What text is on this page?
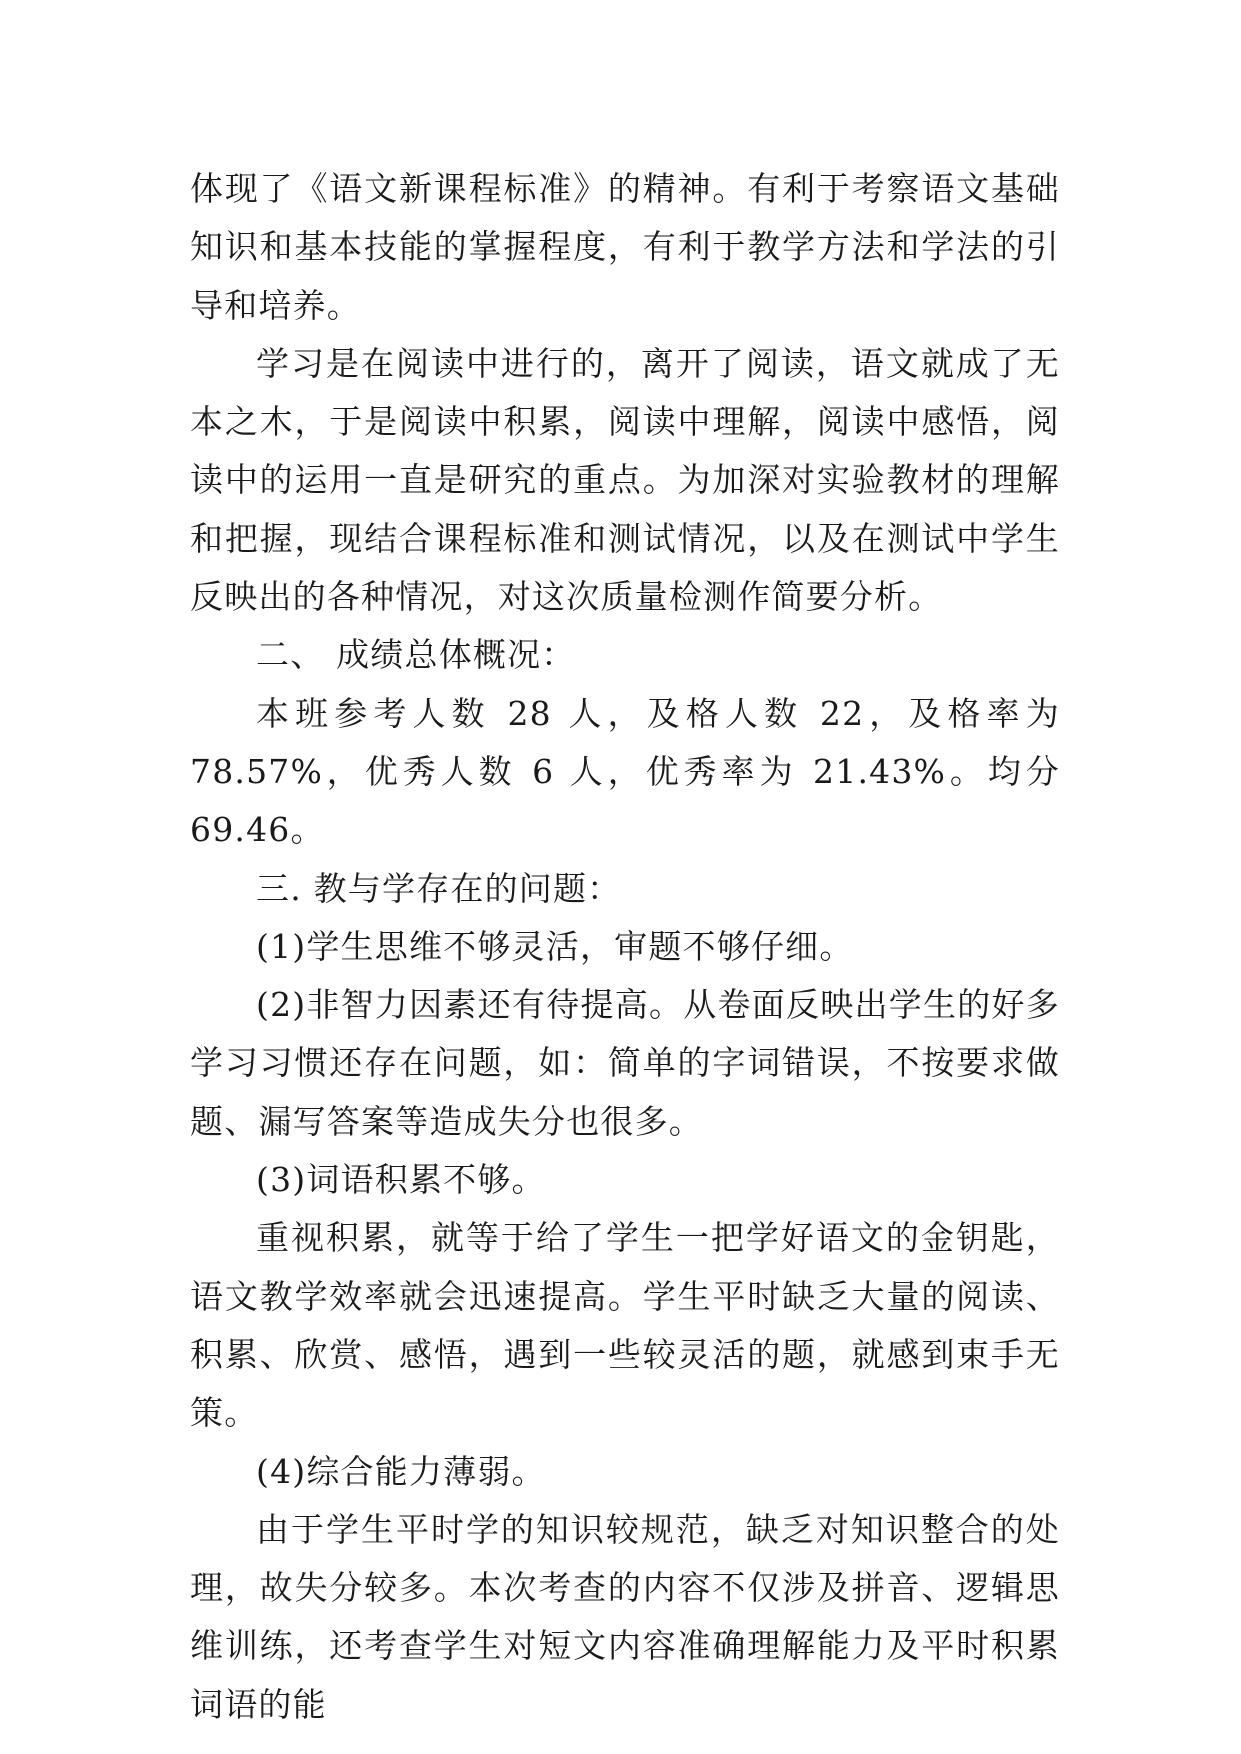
体现了《语文新课程标准》的精神。有利于考察语文基础知识和基本技能的掌握程度，有利于教学方法和学法的引导和培养。

学习是在阅读中进行的，离开了阅读，语文就成了无本之木，于是阅读中积累，阅读中理解，阅读中感悟，阅读中的运用一直是研究的重点。为加深对实验教材的理解和把握，现结合课程标准和测试情况，以及在测试中学生反映出的各种情况，对这次质量检测作简要分析。

二、 成绩总体概况：

本班参考人数 28 人，及格人数 22，及格率为 78.57%，优秀人数 6 人，优秀率为 21.43%。均分 69.46。

三. 教与学存在的问题：

(1)学生思维不够灵活，审题不够仔细。

(2)非智力因素还有待提高。从卷面反映出学生的好多学习习惯还存在问题，如：简单的字词错误，不按要求做题、漏写答案等造成失分也很多。

(3)词语积累不够。

重视积累，就等于给了学生一把学好语文的金钥匙，语文教学效率就会迅速提高。学生平时缺乏大量的阅读、积累、欣赏、感悟，遇到一些较灵活的题，就感到束手无策。

(4)综合能力薄弱。

由于学生平时学的知识较规范，缺乏对知识整合的处理，故失分较多。本次考查的内容不仅涉及拼音、逻辑思维训练，还考查学生对短文内容准确理解能力及平时积累词语的能
